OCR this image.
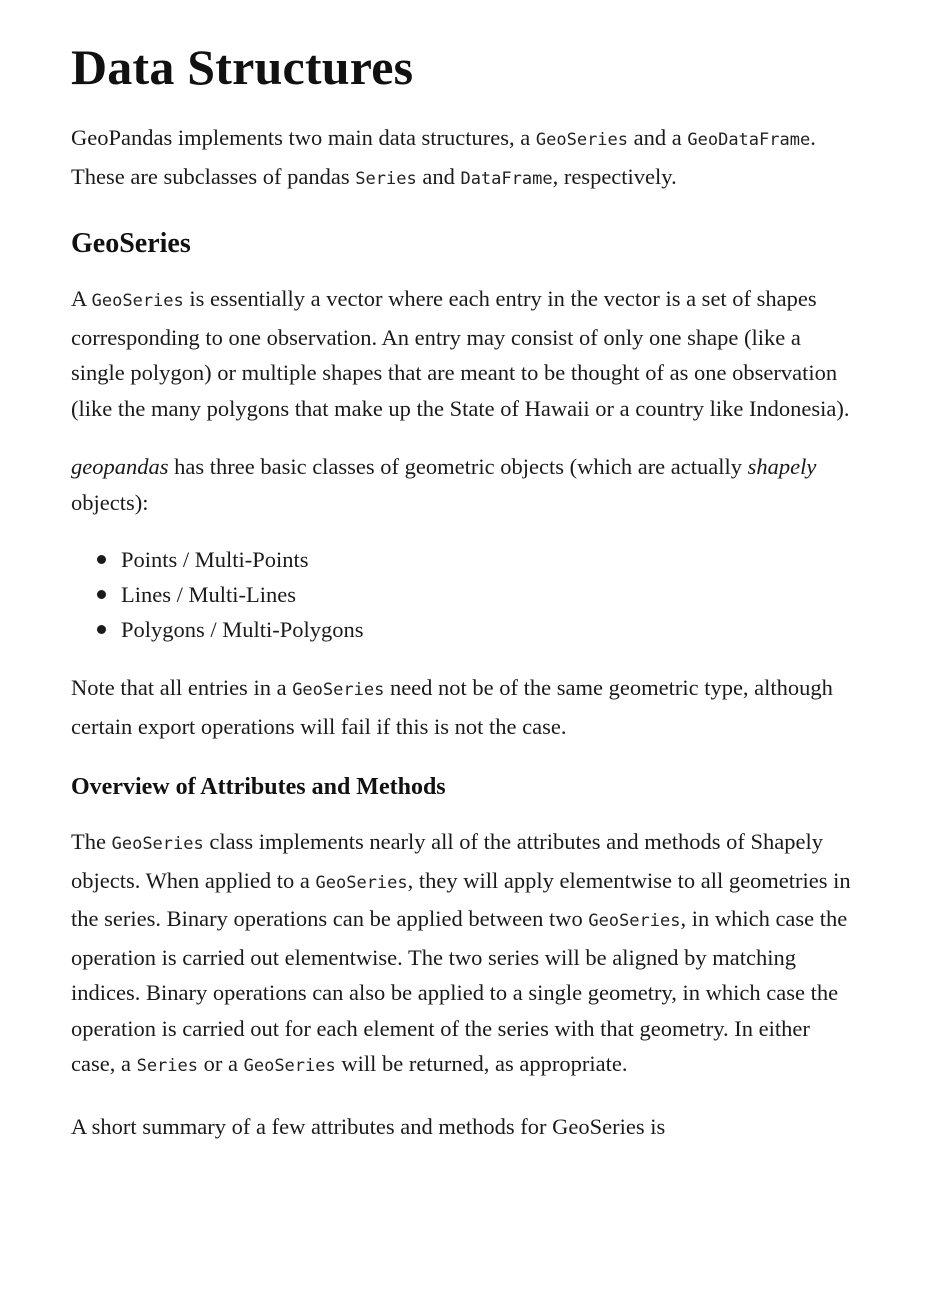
Data Structures

GeoPandas implements two main data structures, a GeoSeries and a GeoDataFrame. These are subclasses of pandas Series and DataFrame, respectively.

GeoSeries

A GeoSeries is essentially a vector where each entry in the vector is a set of shapes corresponding to one observation. An entry may consist of only one shape (like a single polygon) or multiple shapes that are meant to be thought of as one observation (like the many polygons that make up the State of Hawaii or a country like Indonesia).

geopandas has three basic classes of geometric objects (which are actually shapely objects):

Points / Multi-Points
Lines / Multi-Lines
Polygons / Multi-Polygons

Note that all entries in a GeoSeries need not be of the same geometric type, although certain export operations will fail if this is not the case.

Overview of Attributes and Methods

The GeoSeries class implements nearly all of the attributes and methods of Shapely objects. When applied to a GeoSeries, they will apply elementwise to all geometries in the series. Binary operations can be applied between two GeoSeries, in which case the operation is carried out elementwise. The two series will be aligned by matching indices. Binary operations can also be applied to a single geometry, in which case the operation is carried out for each element of the series with that geometry. In either case, a Series or a GeoSeries will be returned, as appropriate.

A short summary of a few attributes and methods for GeoSeries is
